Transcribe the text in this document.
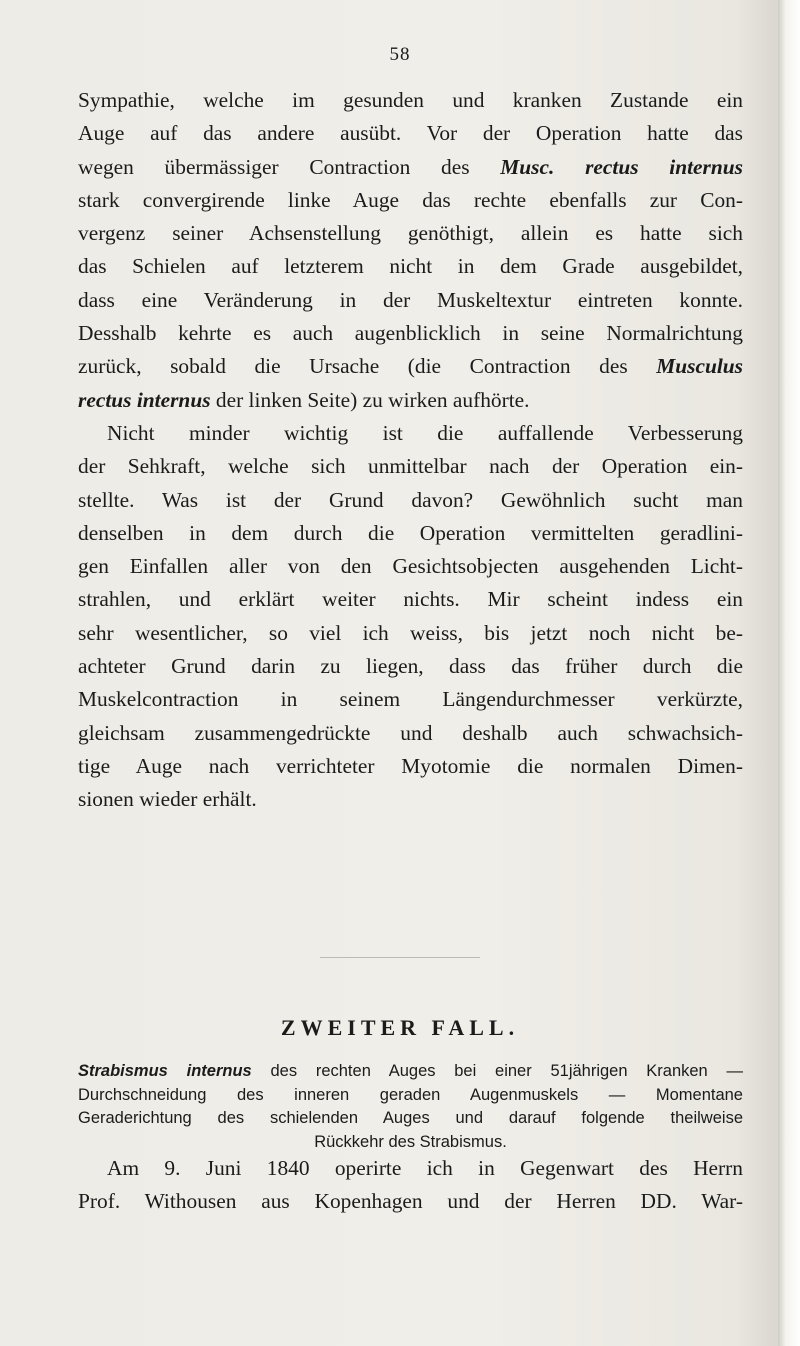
58
Sympathie, welche im gesunden und kranken Zustande ein
Auge auf das andere ausübt. Vor der Operation hatte das
wegen übermässiger Contraction des Musc. rectus internus
stark convergirende linke Auge das rechte ebenfalls zur Con-
vergenz seiner Achsenstellung genöthigt, allein es hatte sich
das Schielen auf letzterem nicht in dem Grade ausgebildet,
dass eine Veränderung in der Muskeltextur eintreten konnte.
Desshalb kehrte es auch augenblicklich in seine Normalrichtung
zurück, sobald die Ursache (die Contraction des Musculus
rectus internus der linken Seite) zu wirken aufhörte.
Nicht minder wichtig ist die auffallende Verbesserung
der Sehkraft, welche sich unmittelbar nach der Operation ein-
stellte. Was ist der Grund davon? Gewöhnlich sucht man
denselben in dem durch die Operation vermittelten geradlini-
gen Einfallen aller von den Gesichtsobjecten ausgehenden Licht-
strahlen, und erklärt weiter nichts. Mir scheint indess ein
sehr wesentlicher, so viel ich weiss, bis jetzt noch nicht be-
achteter Grund darin zu liegen, dass das früher durch die
Muskelcontraction in seinem Längendurchmesser verkürzte,
gleichsam zusammengedrückte und deshalb auch schwachsich-
tige Auge nach verrichteter Myotomie die normalen Dimen-
sionen wieder erhält.
ZWEITER FALL.
Strabismus internus des rechten Auges bei einer 51jährigen Kranken —
Durchschneidung des inneren geraden Augenmuskels — Momentane
Geraderichtung des schielenden Auges und darauf folgende theilweise
Rückkehr des Strabismus.
Am 9. Juni 1840 operirte ich in Gegenwart des Herrn
Prof. Withousen aus Kopenhagen und der Herren DD. War-
